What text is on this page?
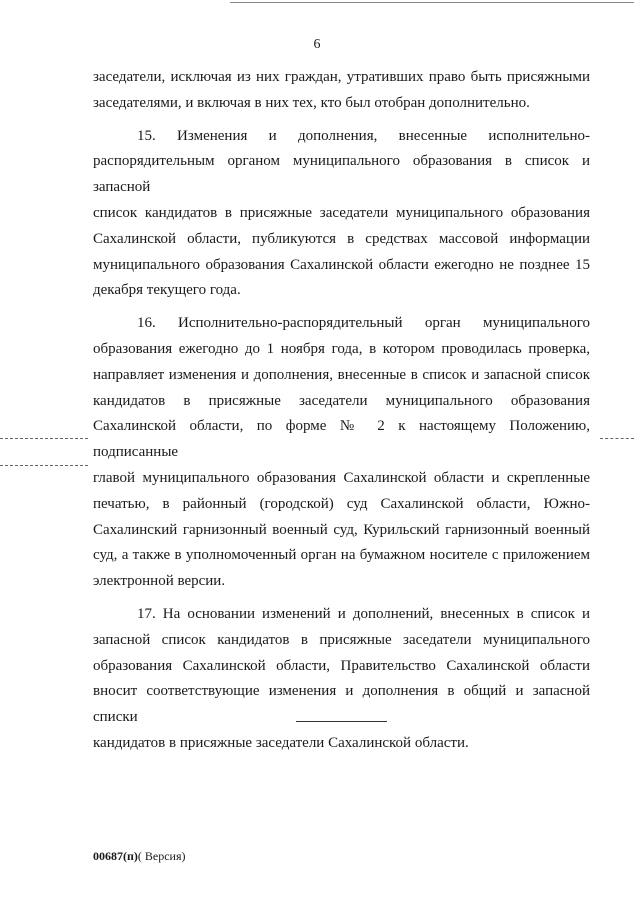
6

заседатели, исключая из них граждан, утративших право быть присяжными

заседателями, и включая в них тех, кто был отобран дополнительно.

15. Изменения и дополнения, внесенные исполнительно-

распорядительным органом муниципального образования в список и запасной

список кандидатов в присяжные заседатели муниципального образования

Сахалинской области, публикуются в средствах массовой информации

муниципального образования Сахалинской области ежегодно не позднее 15

декабря текущего года.

16. Исполнительно-распорядительный орган муниципального

образования ежегодно до 1 ноября года, в котором проводилась проверка,

направляет изменения и дополнения, внесенные в список и запасной список

кандидатов в присяжные заседатели муниципального образования

Сахалинской области, по форме № 2 к настоящему Положению, подписанные

главой муниципального образования Сахалинской области и скрепленные

печатью, в районный (городской) суд Сахалинской области, Южно-

Сахалинский гарнизонный военный суд, Курильский гарнизонный военный

суд, а также в уполномоченный орган на бумажном носителе с приложением

электронной версии.

17. На основании изменений и дополнений, внесенных в список и

запасной список кандидатов в присяжные заседатели муниципального

образования Сахалинской области, Правительство Сахалинской области

вносит соответствующие изменения и дополнения в общий и запасной списки

кандидатов в присяжные заседатели Сахалинской области.

00687(п)( Версия)
